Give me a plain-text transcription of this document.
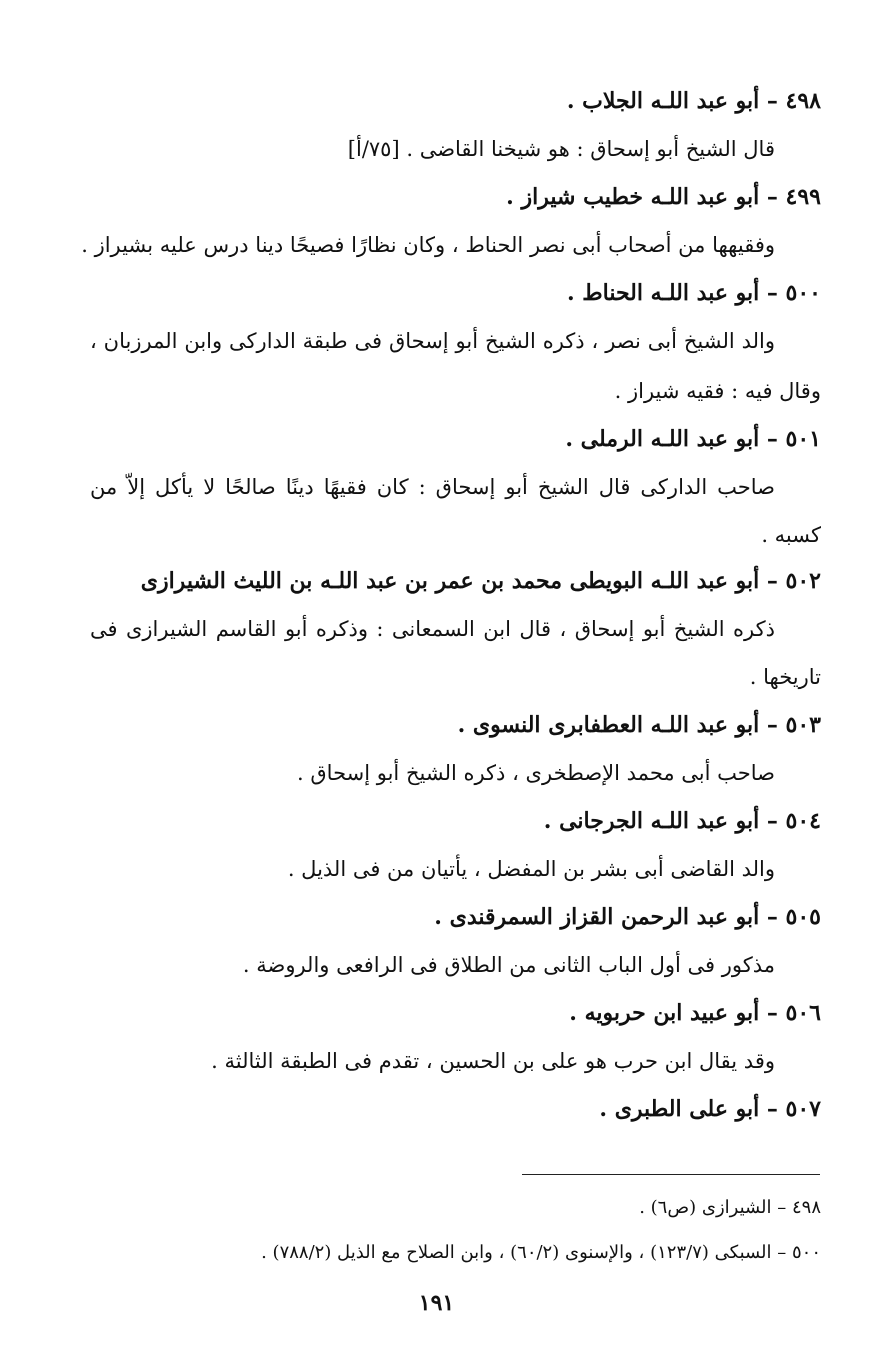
٤٩٨ – أبو عبد اللـه الجلاب .
قال الشيخ أبو إسحاق : هو شيخنا القاضى . [٧٥/أ]
٤٩٩ – أبو عبد اللـه خطيب شيراز .
وفقيهها من أصحاب أبى نصر الحناط ، وكان نظارًا فصيحًا دينا درس عليه بشيراز .
٥٠٠ – أبو عبد اللـه الحناط .
والد الشيخ أبى نصر ، ذكره الشيخ أبو إسحاق فى طبقة الداركى وابن المرزبان ،
وقال فيه : فقيه شيراز .
٥٠١ – أبو عبد اللـه الرملى .
صاحب الداركى قال الشيخ أبو إسحاق : كان فقيهًا دينًا صالحًا لا يأكل إلاّ من
كسبه .
٥٠٢ – أبو عبد اللـه البويطى محمد بن عمر بن عبد اللـه بن الليث الشيرازى
ذكره الشيخ أبو إسحاق ، قال ابن السمعانى : وذكره أبو القاسم الشيرازى فى
تاريخها .
٥٠٣ – أبو عبد اللـه العطفابرى النسوى .
صاحب أبى محمد الإصطخرى ، ذكره الشيخ أبو إسحاق .
٥٠٤ – أبو عبد اللـه الجرجانى .
والد القاضى أبى بشر بن المفضل ، يأتيان من فى الذيل .
٥٠٥ – أبو عبد الرحمن القزاز السمرقندى .
مذكور فى أول الباب الثانى من الطلاق فى الرافعى والروضة .
٥٠٦ – أبو عبيد ابن حربويه .
وقد يقال ابن حرب هو على بن الحسين ، تقدم فى الطبقة الثالثة .
٥٠٧ – أبو على الطبرى .
٤٩٨ – الشيرازى (ص٦) .
٥٠٠ – السبكى (١٢٣/٧) ، والإسنوى (٦٠/٢) ، وابن الصلاح مع الذيل (٧٨٨/٢) .
١٩١
